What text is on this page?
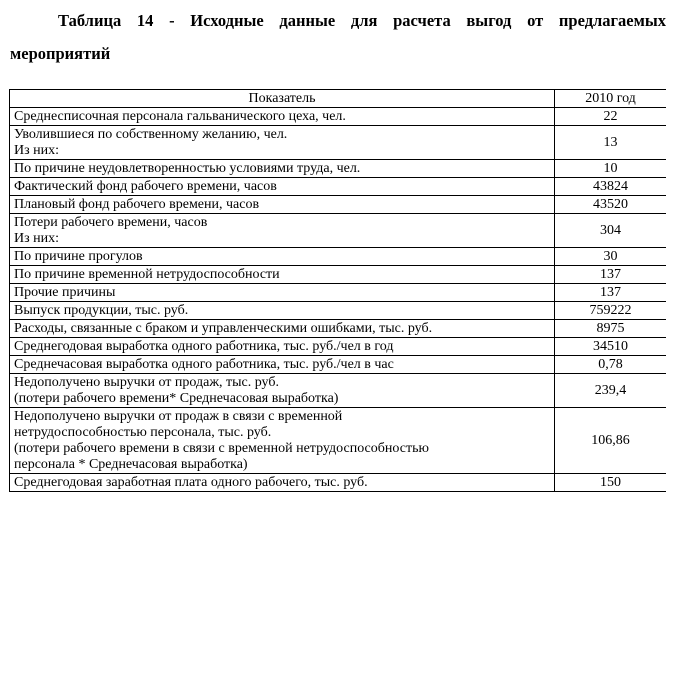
Таблица 14 - Исходные данные для расчета выгод от предлагаемых
мероприятий
Показатель	2010 год

Среднесписочная персонала гальванического цеха, чел.	22

Уволившиеся по собственному желанию, чел.
Из них:	13

По причине неудовлетворенностью условиями труда, чел.	10

Фактический фонд рабочего времени, часов	43824

Плановый фонд рабочего времени, часов	43520

Потери рабочего времени, часов
Из них:	304

По причине прогулов	30

По причине временной нетрудоспособности	137

Прочие причины	137

Выпуск продукции, тыс. руб.	759222

Расходы, связанные с браком и управленческими ошибками, тыс. руб.	8975

Среднегодовая выработка одного работника, тыс. руб./чел в год	34510

Среднечасовая выработка одного работника, тыс. руб./чел в час	0,78

Недополучено выручки от продаж, тыс. руб.
(потери рабочего времени* Среднечасовая выработка)	239,4

Недополучено выручки от продаж в связи с временной
нетрудоспособностью персонала, тыс. руб.
(потери рабочего времени в связи с временной нетрудоспособностью
персонала * Среднечасовая выработка)	106,86

Среднегодовая заработная плата одного рабочего, тыс. руб.	150
